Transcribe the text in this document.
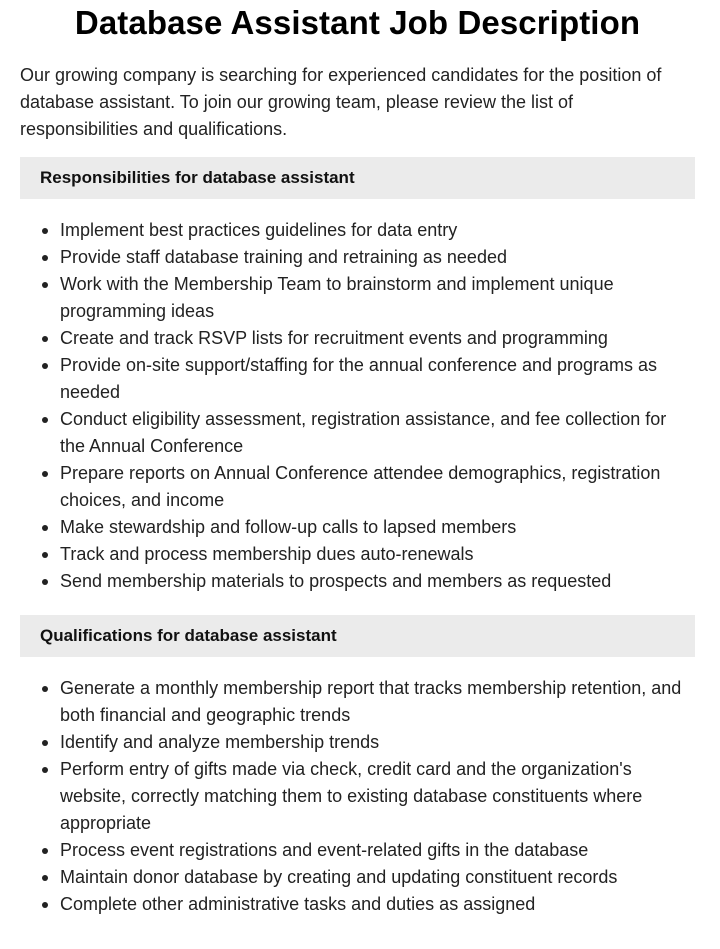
Database Assistant Job Description

Our growing company is searching for experienced candidates for the position of database assistant. To join our growing team, please review the list of responsibilities and qualifications.

Responsibilities for database assistant
Implement best practices guidelines for data entry
Provide staff database training and retraining as needed
Work with the Membership Team to brainstorm and implement unique programming ideas
Create and track RSVP lists for recruitment events and programming
Provide on-site support/staffing for the annual conference and programs as needed
Conduct eligibility assessment, registration assistance, and fee collection for the Annual Conference
Prepare reports on Annual Conference attendee demographics, registration choices, and income
Make stewardship and follow-up calls to lapsed members
Track and process membership dues auto-renewals
Send membership materials to prospects and members as requested
Qualifications for database assistant
Generate a monthly membership report that tracks membership retention, and both financial and geographic trends
Identify and analyze membership trends
Perform entry of gifts made via check, credit card and the organization's website, correctly matching them to existing database constituents where appropriate
Process event registrations and event-related gifts in the database
Maintain donor database by creating and updating constituent records
Complete other administrative tasks and duties as assigned
